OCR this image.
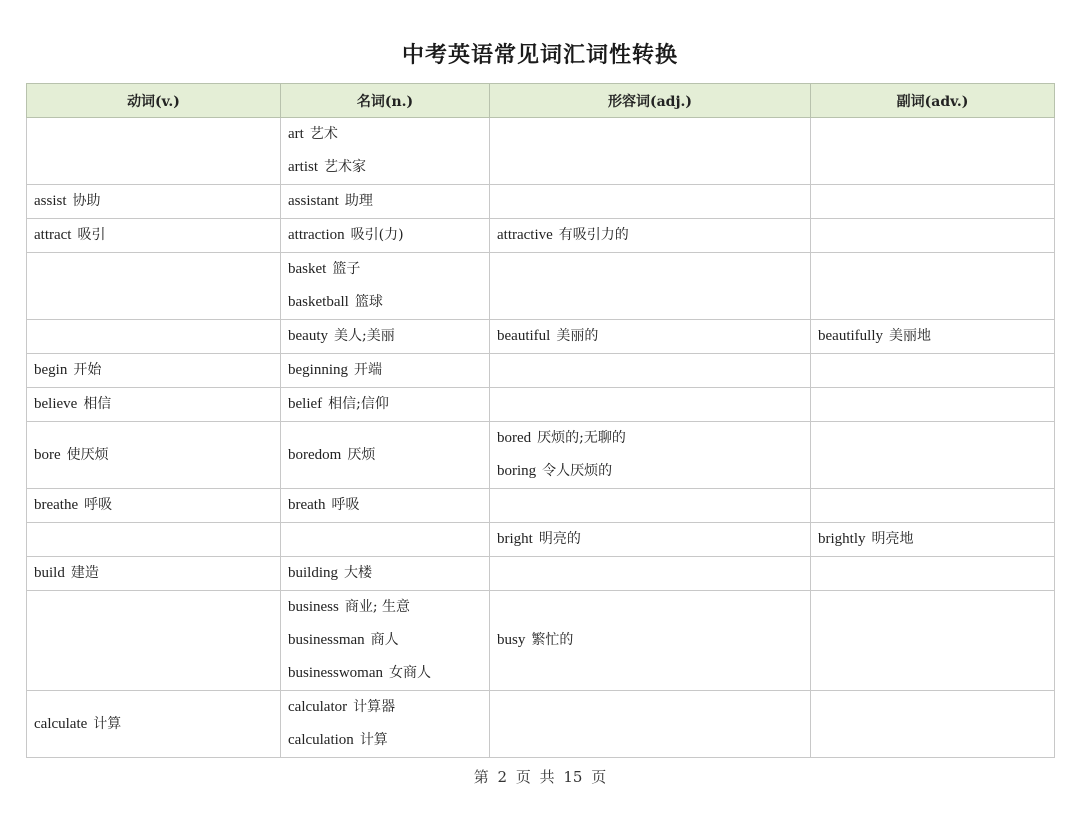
中考英语常见词汇词性转换
动词(v.)	名词(n.)	形容词(adj.)	副词(adv.)

	art 艺术
artist 艺术家		

assist 协助	assistant 助理		

attract 吸引	attraction 吸引(力)	attractive 有吸引力的	

	basket 篮子
basketball 篮球		

	beauty 美人;美丽	beautiful 美丽的	beautifully 美丽地

begin 开始	beginning 开端		

believe 相信	belief 相信;信仰		

bore 使厌烦	boredom 厌烦	bored 厌烦的;无聊的
boring 令人厌烦的	

breathe 呼吸	breath 呼吸		

		bright 明亮的	brightly 明亮地

build 建造	building 大楼		

	business 商业; 生意
businessman 商人
businesswoman 女商人	busy 繁忙的	

calculate 计算	calculator 计算器
calculation 计算		

第 2 页 共 15 页
